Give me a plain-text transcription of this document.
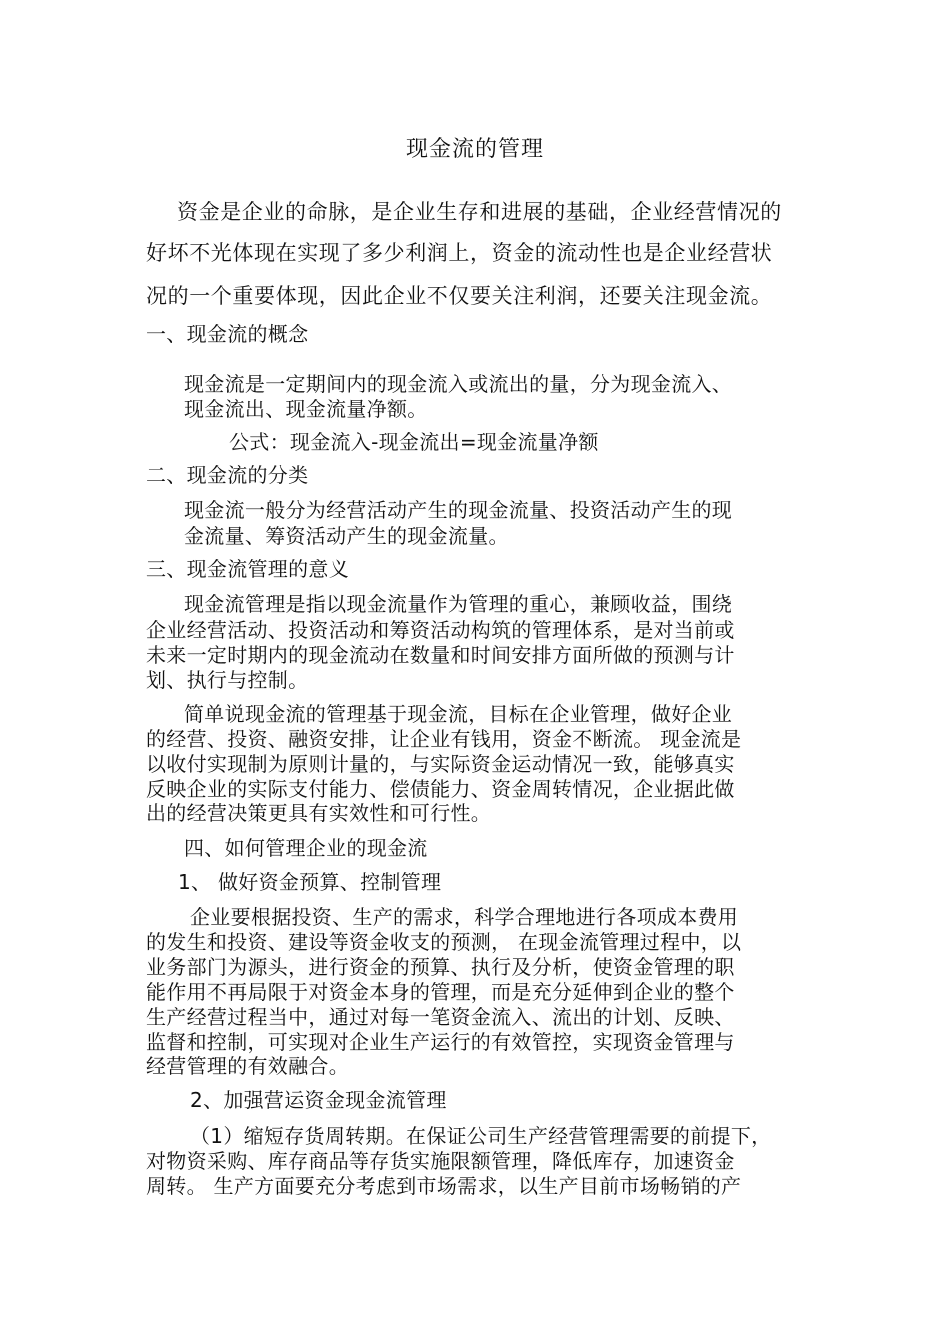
现金流的管理
资金是企业的命脉，是企业生存和进展的基础，企业经营情况的
好坏不光体现在实现了多少利润上，资金的流动性也是企业经营状
况的一个重要体现，因此企业不仅要关注利润，还要关注现金流。
一、现金流的概念
现金流是一定期间内的现金流入或流出的量，分为现金流入、
现金流出、现金流量净额。
公式：现金流入-现金流出=现金流量净额
二、现金流的分类
现金流一般分为经营活动产生的现金流量、投资活动产生的现
金流量、筹资活动产生的现金流量。
三、现金流管理的意义
现金流管理是指以现金流量作为管理的重心，兼顾收益，围绕
企业经营活动、投资活动和筹资活动构筑的管理体系，是对当前或
未来一定时期内的现金流动在数量和时间安排方面所做的预测与计
划、执行与控制。
简单说现金流的管理基于现金流，目标在企业管理，做好企业
的经营、投资、融资安排，让企业有钱用，资金不断流。 现金流是
以收付实现制为原则计量的，与实际资金运动情况一致，能够真实
反映企业的实际支付能力、偿债能力、资金周转情况，企业据此做
出的经营决策更具有实效性和可行性。
四、如何管理企业的现金流
1、 做好资金预算、控制管理
企业要根据投资、生产的需求，科学合理地进行各项成本费用
的发生和投资、建设等资金收支的预测， 在现金流管理过程中，以
业务部门为源头，进行资金的预算、执行及分析，使资金管理的职
能作用不再局限于对资金本身的管理，而是充分延伸到企业的整个
生产经营过程当中，通过对每一笔资金流入、流出的计划、反映、
监督和控制，可实现对企业生产运行的有效管控，实现资金管理与
经营管理的有效融合。
2、加强营运资金现金流管理
（1）缩短存货周转期。在保证公司生产经营管理需要的前提下，
对物资采购、库存商品等存货实施限额管理，降低库存，加速资金
周转。 生产方面要充分考虑到市场需求，以生产目前市场畅销的产
